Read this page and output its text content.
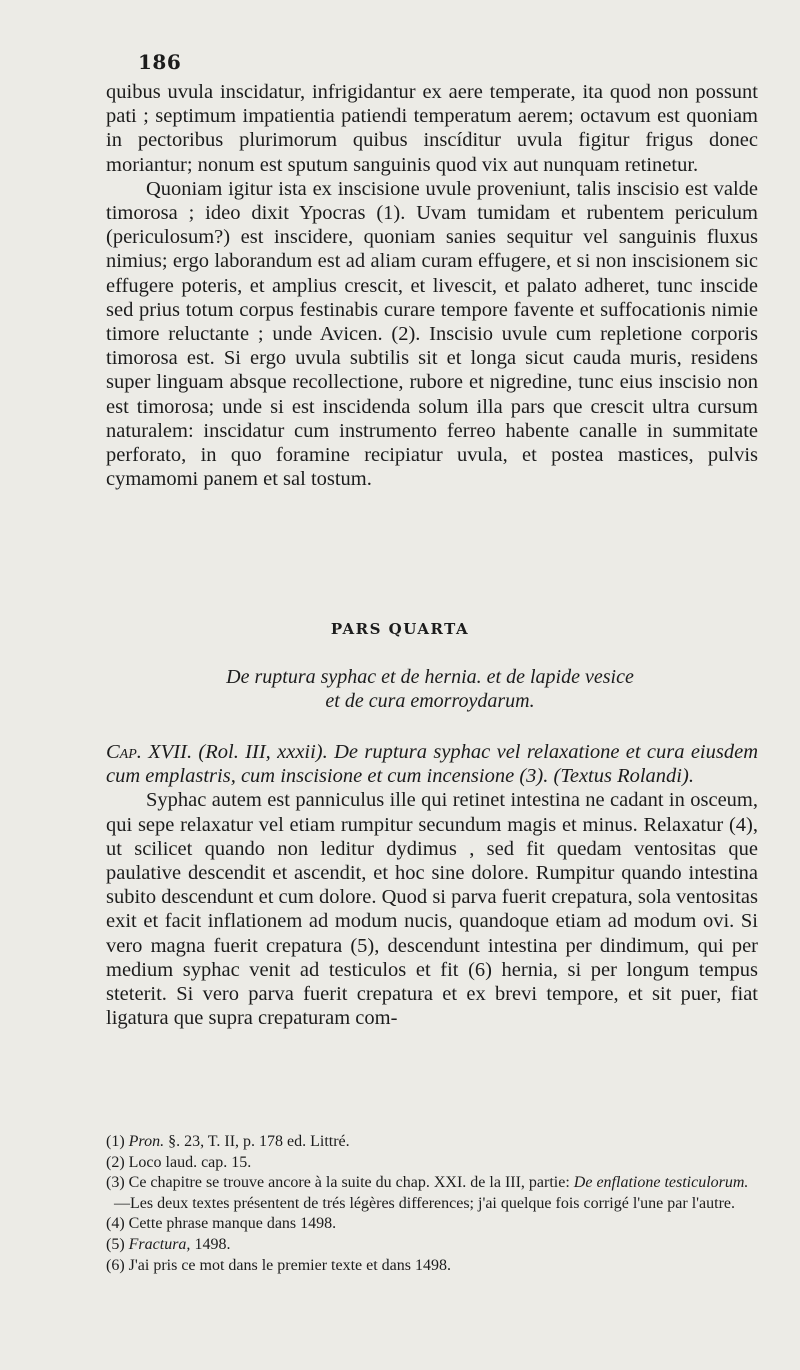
186

quibus uvula inscidatur, infrigidantur ex aere temperate, ita quod non possunt pati ; septimum impatientia patiendi temperatum aerem; octavum est quoniam in pectoribus plurimorum quibus inscíditur uvula figitur frigus donec moriantur; nonum est sputum sanguinis quod vix aut nunquam retinetur.

Quoniam igitur ista ex inscisione uvule proveniunt, talis inscisio est valde timorosa ; ideo dixit Ypocras (1). Uvam tumidam et rubentem periculum (periculosum?) est inscidere, quoniam sanies sequitur vel sanguinis fluxus nimius; ergo laborandum est ad aliam curam effugere, et si non inscisionem sic effugere poteris, et amplius crescit, et livescit, et palato adheret, tunc inscide sed prius totum corpus festinabis curare tempore favente et suffocationis nimie timore reluctante ; unde Avicen. (2). Inscisio uvule cum repletione corporis timorosa est. Si ergo uvula subtilis sit et longa sicut cauda muris, residens super linguam absque recollectione, rubore et nigredine, tunc eius inscisio non est timorosa; unde si est inscidenda solum illa pars que crescit ultra cursum naturalem: inscidatur cum instrumento ferreo habente canalle in summitate perforato, in quo foramine recipiatur uvula, et postea mastices, pulvis cymamomi panem et sal tostum.

PARS QUARTA
De ruptura syphac et de hernia. et de lapide vesice
et de cura emorroydarum.

Cap. XVII. (Rol. III, xxxii). De ruptura syphac vel relaxatione et cura eiusdem cum emplastris, cum inscisione et cum incensione (3). (Textus Rolandi).

Syphac autem est panniculus ille qui retinet intestina ne cadant in osceum, qui sepe relaxatur vel etiam rumpitur secundum magis et minus. Relaxatur (4), ut scilicet quando non leditur dydimus , sed fit quedam ventositas que paulative descendit et ascendit, et hoc sine dolore. Rumpitur quando intestina subito descendunt et cum dolore. Quod si parva fuerit crepatura, sola ventositas exit et facit inflationem ad modum nucis, quandoque etiam ad modum ovi. Si vero magna fuerit crepatura (5), descendunt intestina per dindimum, qui per medium syphac venit ad testiculos et fit (6) hernia, si per longum tempus steterit. Si vero parva fuerit crepatura et ex brevi tempore, et sit puer, fiat ligatura que supra crepaturam com-

(1) Pron. §. 23, T. II, p. 178 ed. Littré.

(2) Loco laud. cap. 15.

(3) Ce chapitre se trouve ancore à la suite du chap. XXI. de la III, partie: De enflatione testiculorum.—Les deux textes présentent de trés légères differences; j'ai quelque fois corrigé l'une par l'autre.

(4) Cette phrase manque dans 1498.

(5) Fractura, 1498.

(6) J'ai pris ce mot dans le premier texte et dans 1498.
